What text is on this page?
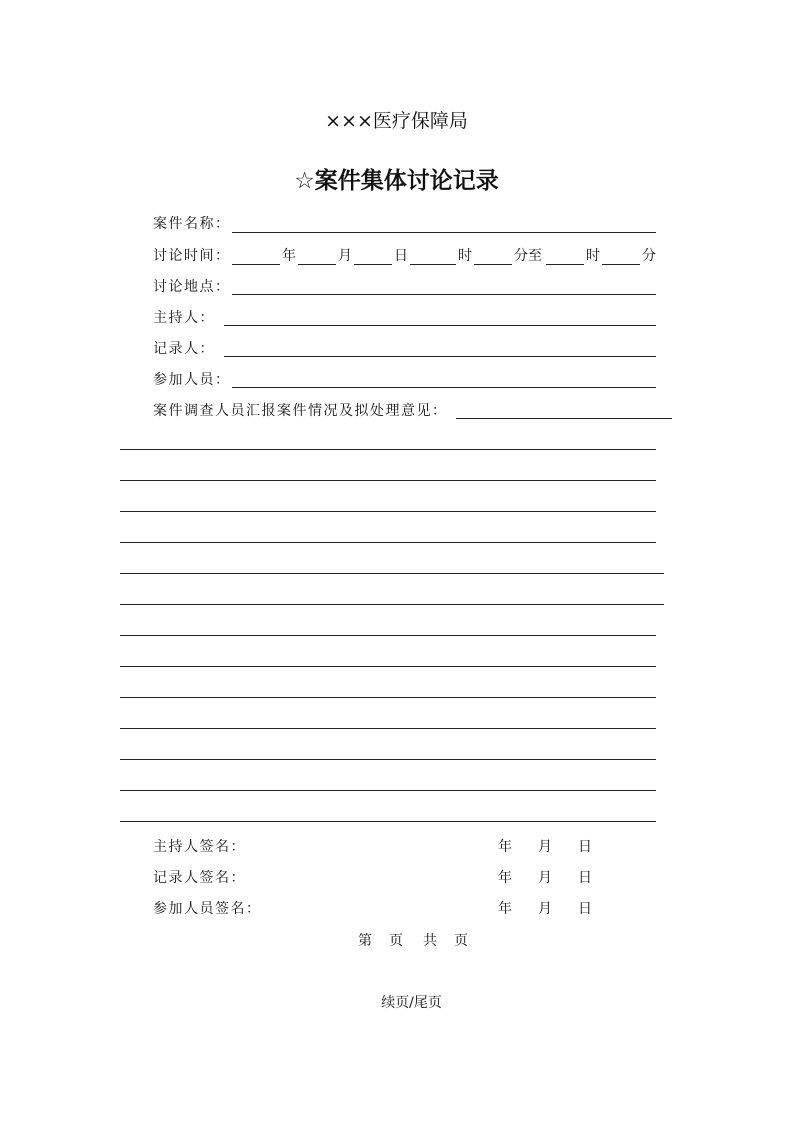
×××医疗保障局
☆案件集体讨论记录
案件名称：
讨论时间：	年	月	日	时	分至	时	分
讨论地点：
主持人：
记录人：
参加人员：
案件调查人员汇报案件情况及拟处理意见：
主持人签名：	年 月 日
记录人签名：	年 月 日
参加人员签名：	年 月 日
第 页 共 页
续页/尾页
